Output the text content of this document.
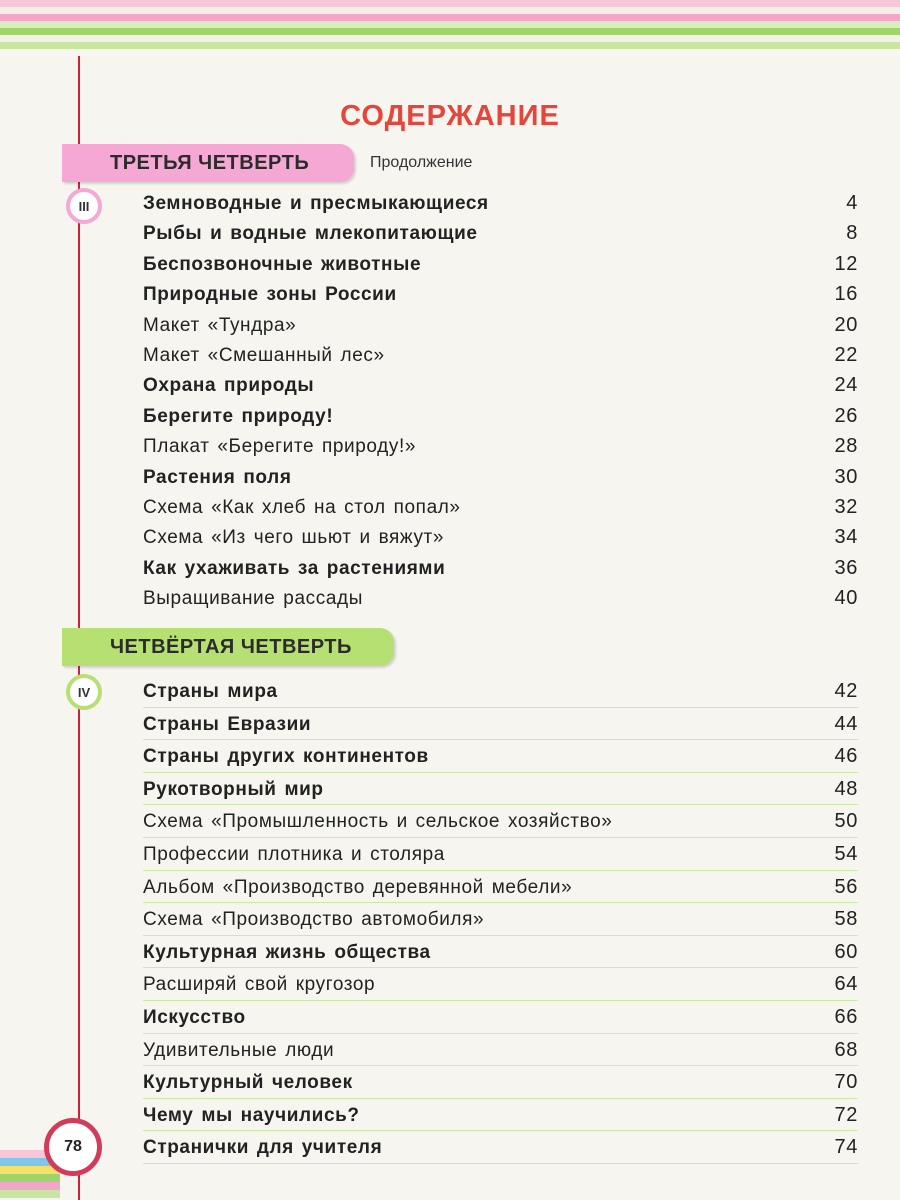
СОДЕРЖАНИЕ
ТРЕТЬЯ ЧЕТВЕРТЬ	Продолжение
III	Земноводные и пресмыкающиеся	4
Рыбы и водные млекопитающие	8
Беспозвоночные животные	12
Природные зоны России	16
Макет «Тундра»	20
Макет «Смешанный лес»	22
Охрана природы	24
Берегите природу!	26
Плакат «Берегите природу!»	28
Растения поля	30
Схема «Как хлеб на стол попал»	32
Схема «Из чего шьют и вяжут»	34
Как ухаживать за растениями	36
Выращивание рассады	40
ЧЕТВЁРТАЯ ЧЕТВЕРТЬ
IV	Страны мира	42
Страны Евразии	44
Страны других континентов	46
Рукотворный мир	48
Схема «Промышленность и сельское хозяйство»	50
Профессии плотника и столяра	54
Альбом «Производство деревянной мебели»	56
Схема «Производство автомобиля»	58
Культурная жизнь общества	60
Расширяй свой кругозор	64
Искусство	66
Удивительные люди	68
Культурный человек	70
Чему мы научились?	72
Странички для учителя	74
78
